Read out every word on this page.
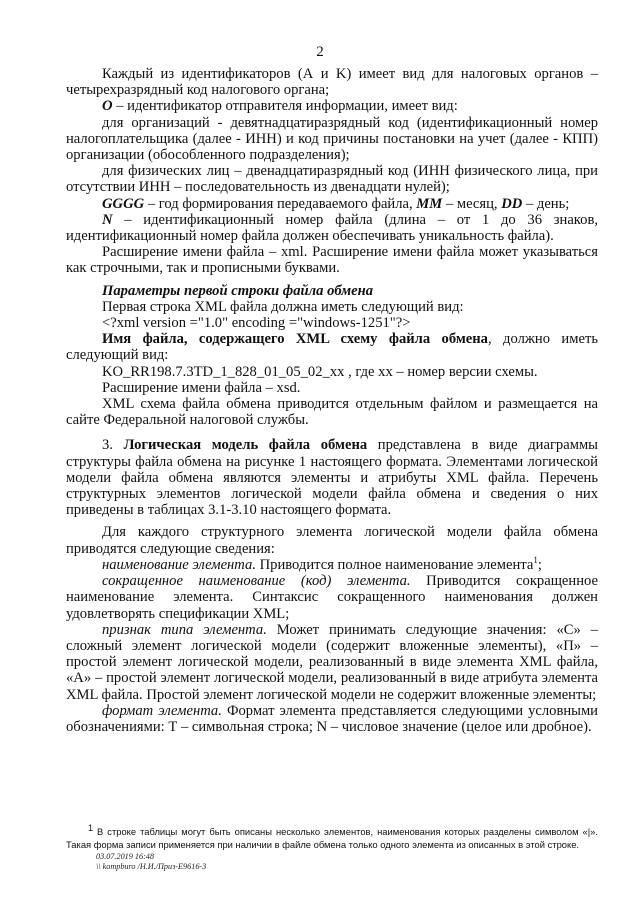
2

Каждый из идентификаторов (А и K) имеет вид для налоговых органов – четырехразрядный код налогового органа;

O – идентификатор отправителя информации, имеет вид:

для организаций - девятнадцатиразрядный код (идентификационный номер налогоплательщика (далее - ИНН) и код причины постановки на учет (далее - КПП) организации (обособленного подразделения);

для физических лиц – двенадцатиразрядный код (ИНН физического лица, при отсутствии ИНН – последовательность из двенадцати нулей);

GGGG – год формирования передаваемого файла, MM – месяц, DD – день;

N – идентификационный номер файла (длина – от 1 до 36 знаков, идентификационный номер файла должен обеспечивать уникальность файла).

Расширение имени файла – xml. Расширение имени файла может указываться как строчными, так и прописными буквами.

Параметры первой строки файла обмена

Первая строка XML файла должна иметь следующий вид:

<?xml version ="1.0" encoding ="windows-1251"?>

Имя файла, содержащего XML схему файла обмена, должно иметь следующий вид:

KO_RR198.7.3TD_1_828_01_05_02_xx , где хх – номер версии схемы.

Расширение имени файла – xsd.

XML схема файла обмена приводится отдельным файлом и размещается на сайте Федеральной налоговой службы.

3. Логическая модель файла обмена представлена в виде диаграммы структуры файла обмена на рисунке 1 настоящего формата. Элементами логической модели файла обмена являются элементы и атрибуты XML файла. Перечень структурных элементов логической модели файла обмена и сведения о них приведены в таблицах 3.1-3.10 настоящего формата.

Для каждого структурного элемента логической модели файла обмена приводятся следующие сведения:

наименование элемента. Приводится полное наименование элемента$^1$;

сокращенное наименование (код) элемента. Приводится сокращенное наименование элемента. Синтаксис сокращенного наименования должен удовлетворять спецификации XML;

признак типа элемента. Может принимать следующие значения: «С» – сложный элемент логической модели (содержит вложенные элементы), «П» – простой элемент логической модели, реализованный в виде элемента XML файла, «А» – простой элемент логической модели, реализованный в виде атрибута элемента XML файла. Простой элемент логической модели не содержит вложенные элементы;

формат элемента. Формат элемента представляется следующими условными обозначениями: Т – символьная строка; N – числовое значение (целое или дробное).

$^1$ В строке таблицы могут быть описаны несколько элементов, наименования которых разделены символом «|». Такая форма записи применяется при наличии в файле обмена только одного элемента из описанных в этой строке.

03.07.2019 16:48
\\ kompburo /Н.И./Приз-E9616-3
